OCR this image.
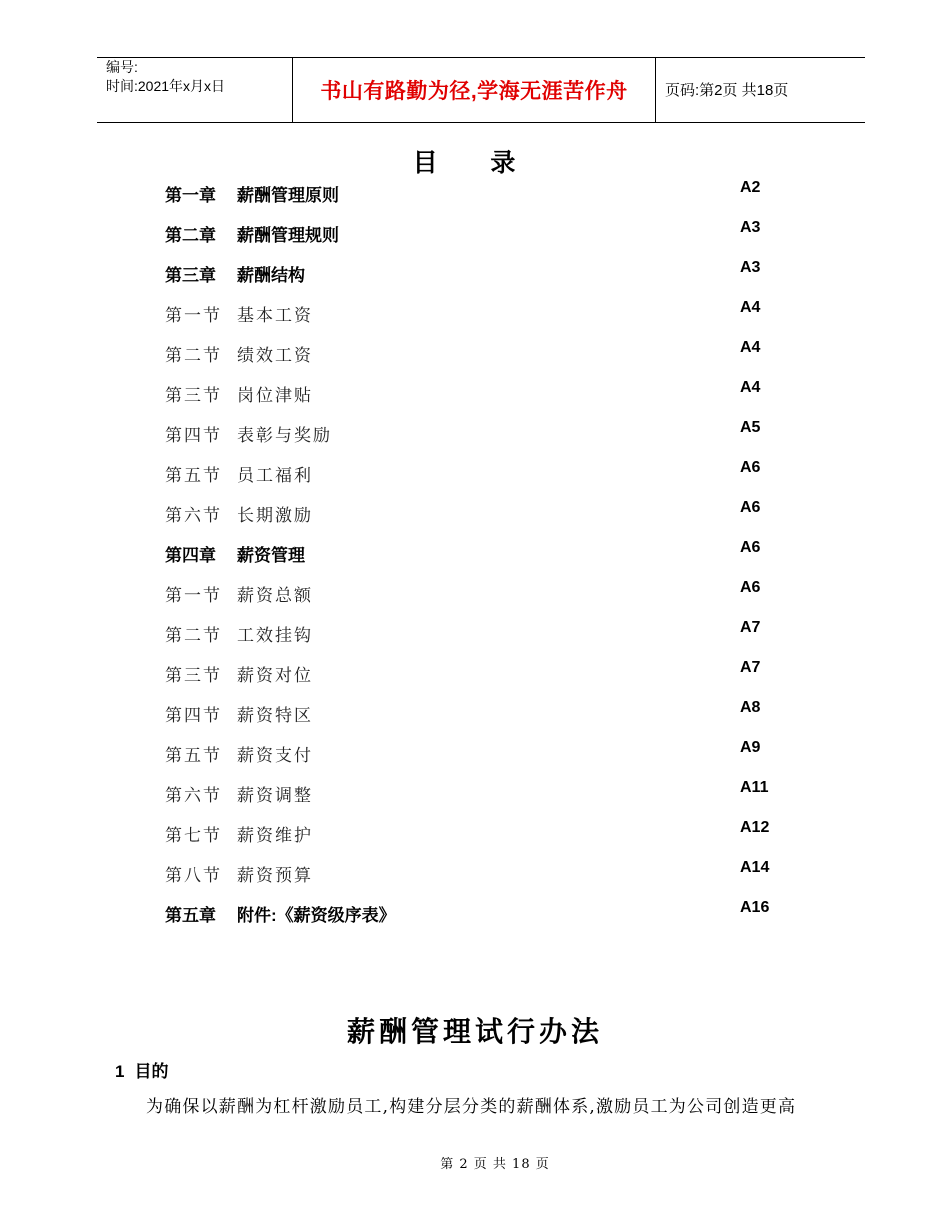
编号:
时间:2021年x月x日	书山有路勤为径,学海无涯苦作舟	页码:第2页 共18页
目 录
第一章 薪酬管理原则	A2
第二章 薪酬管理规则	A3
第三章 薪酬结构	A3
第一节 基本工资	A4
第二节 绩效工资	A4
第三节 岗位津贴	A4
第四节 表彰与奖励	A5
第五节 员工福利	A6
第六节 长期激励	A6
第四章 薪资管理	A6
第一节 薪资总额	A6
第二节 工效挂钩	A7
第三节 薪资对位	A7
第四节 薪资特区	A8
第五节 薪资支付	A9
第六节 薪资调整	A11
第七节 薪资维护	A12
第八节 薪资预算	A14
第五章 附件:《薪资级序表》	A16
薪酬管理试行办法
1 目的
为确保以薪酬为杠杆激励员工,构建分层分类的薪酬体系,激励员工为公司创造更高
第 2 页 共 18 页
